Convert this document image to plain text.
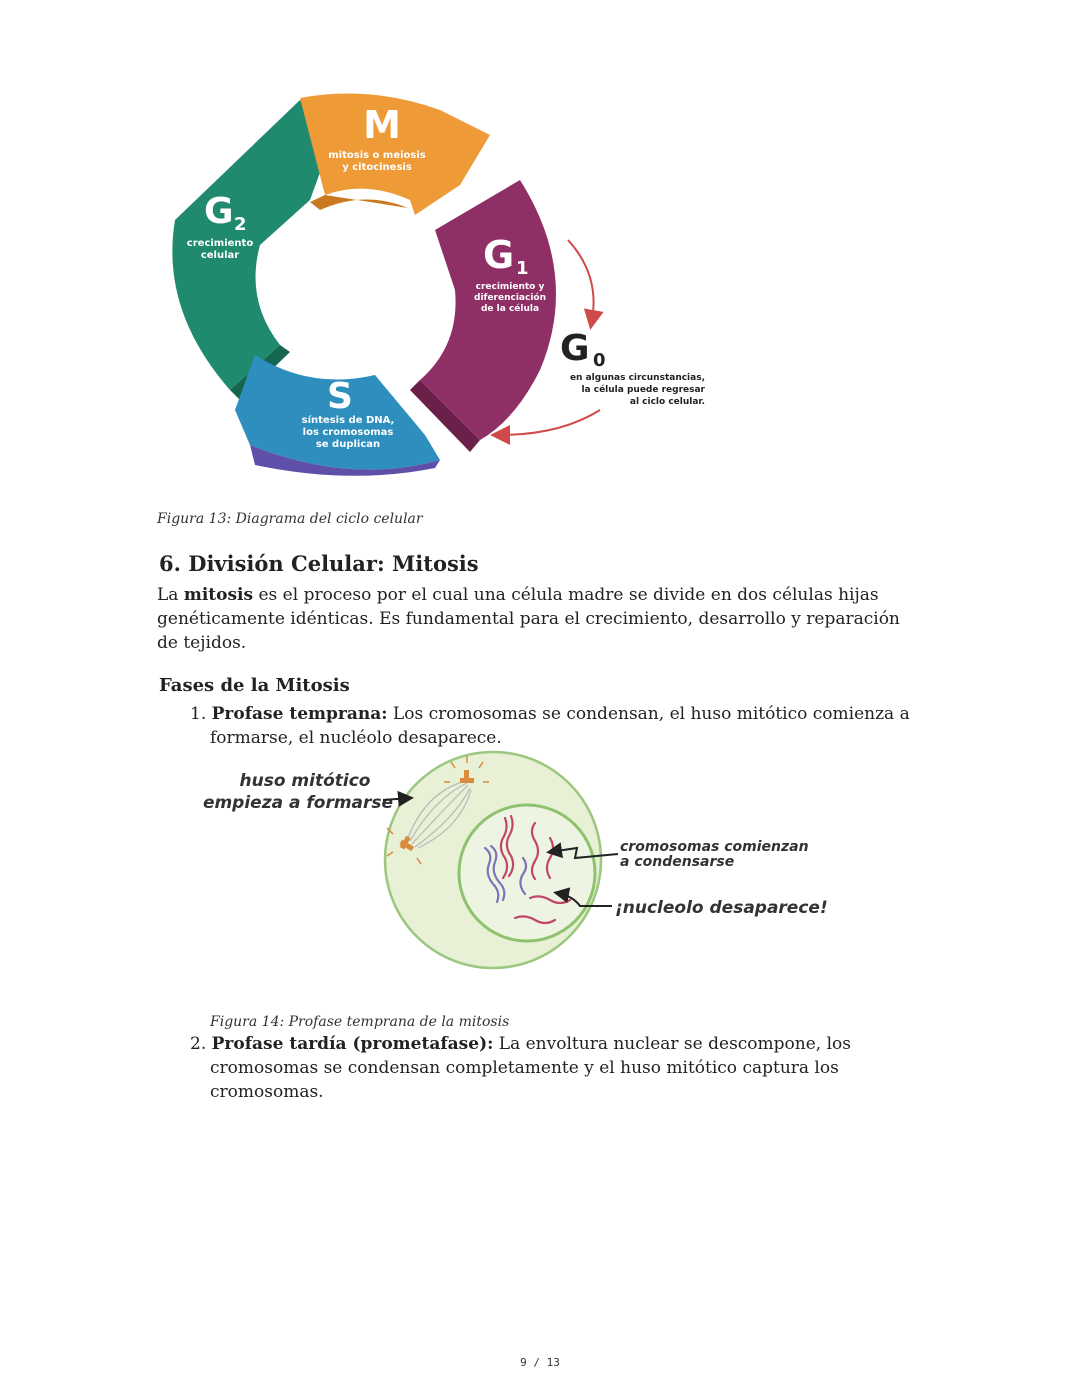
M
mitosis o meiosis
y citocinesis
G 2
crecimiento
celular	G 1
crecimiento y
diferenciación
de la célula
S
síntesis de DNA,
los cromosomas
se duplican
G 0
en algunas circunstancias,
la célula puede regresar
al ciclo celular.

Figura 13: Diagrama del ciclo celular

6. División Celular: Mitosis

La mitosis es el proceso por el cual una célula madre se divide en dos células hijas genéticamente idénticas. Es fundamental para el crecimiento, desarrollo y reparación de tejidos.

Fases de la Mitosis

1. Profase temprana: Los cromosomas se condensan, el huso mitótico comienza a formarse, el nucléolo desaparece.

huso mitótico
empieza a formarse
cromosomas comienzan
a condensarse
¡nucleolo desaparece!

Figura 14: Profase temprana de la mitosis

2. Profase tardía (prometafase): La envoltura nuclear se descompone, los cromosomas se condensan completamente y el huso mitótico captura los cromosomas.

9 / 13
